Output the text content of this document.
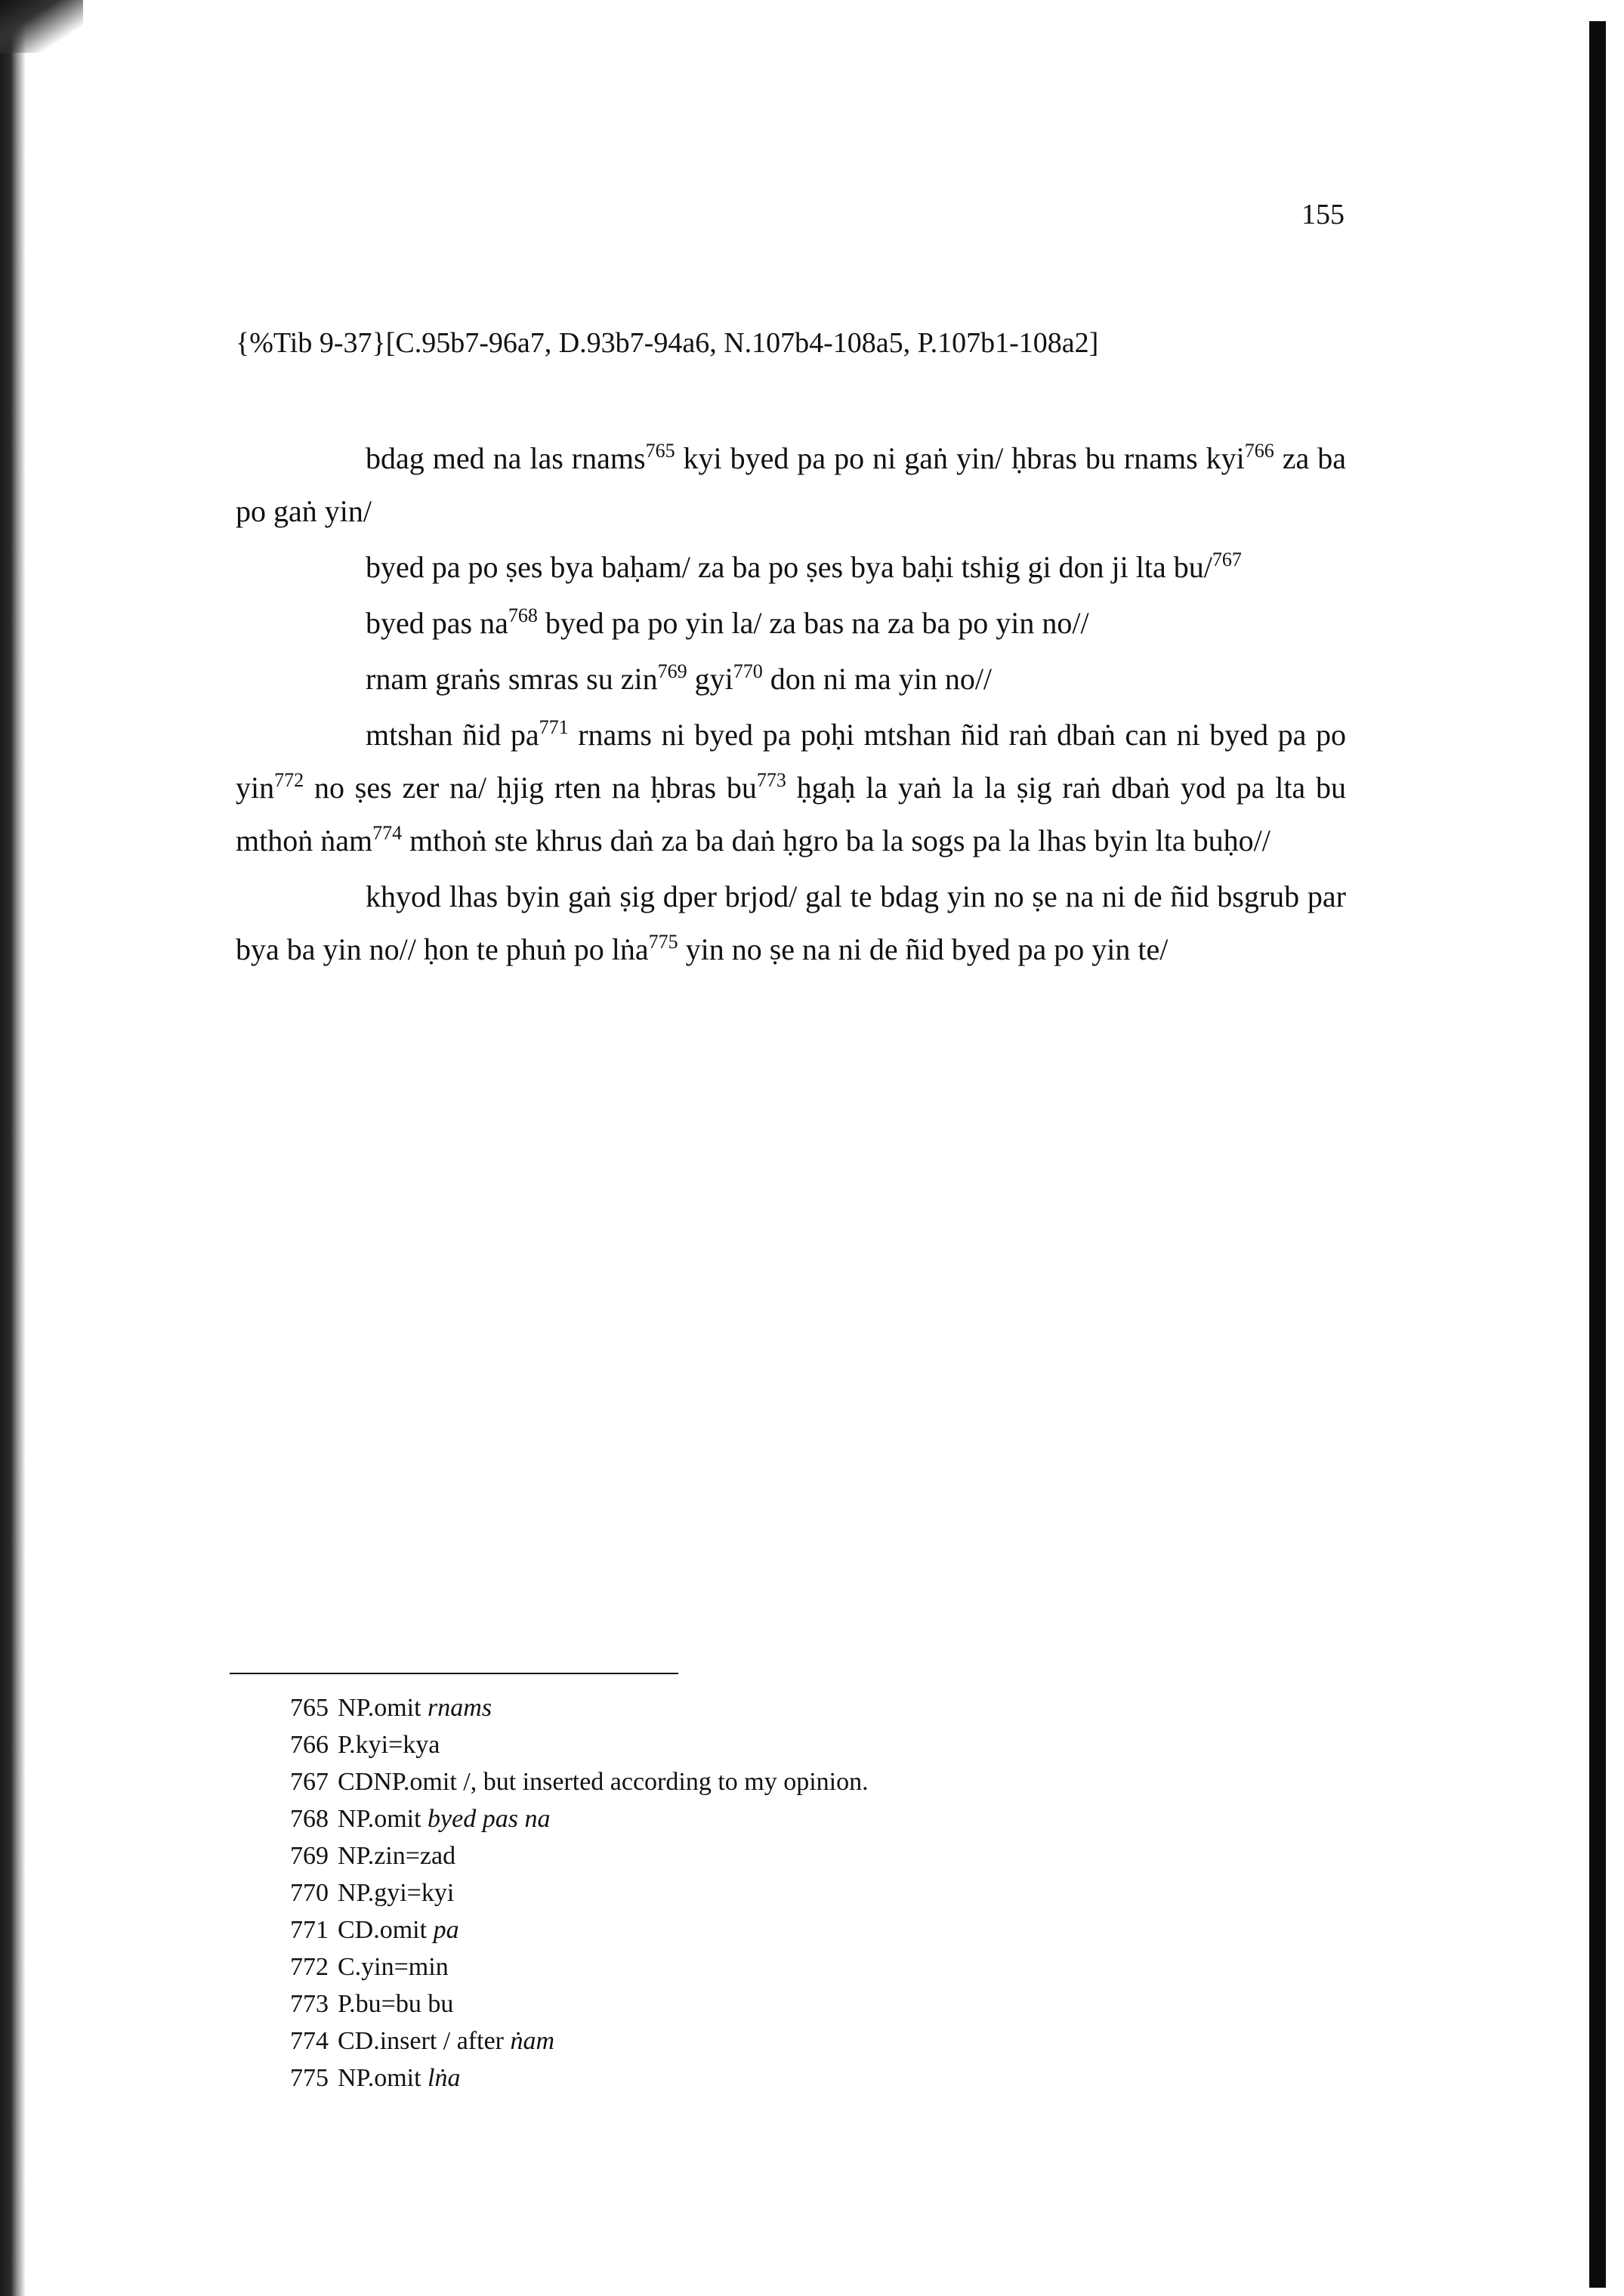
155
{%Tib 9-37}[C.95b7-96a7, D.93b7-94a6, N.107b4-108a5, P.107b1-108a2]

bdag med na las rnams$^{765}$ kyi byed pa po ni gaṅ yin/ ḥbras bu rnams kyi$^{766}$ za ba po gaṅ yin/

byed pa po ṣes bya baḥam/ za ba po ṣes bya baḥi tshig gi don ji lta bu/$^{767}$

byed pas $na^{768}$ byed pa po yin la/ za bas na za ba po yin no//

rnam graṅs smras su zin$^{769}$ gyi$^{770}$ don ni ma yin no//

mtshan ñid $pa^{771}$ rnams ni byed pa poḥi mtshan ñid raṅ dbaṅ can ni byed pa po yin$^{772}$ no ṣes zer na/ ḥjig rten na ḥbras $bu^{773}$ ḥgaḥ la yaṅ la la ṣig raṅ dbaṅ yod pa lta bu mthoṅ ṅam$^{774}$ mthoṅ ste khrus daṅ za ba daṅ ḥgro ba la sogs pa la lhas byin lta buḥo//

khyod lhas byin gaṅ ṣig dper brjod/ gal te bdag yin no ṣe na ni de ñid bsgrub par bya ba yin no// ḥon te phuṅ po lṅa$^{775}$ yin no ṣe na ni de ñid byed pa po yin te/

765 NP.omit rnams
766 P.kyi=kya
767 CDNP.omit /, but inserted according to my opinion.
768 NP.omit byed pas na
769 NP.zin=zad
770 NP.gyi=kyi
771 CD.omit pa
772 C.yin=min
773 P.bu=bu bu
774 CD.insert / after ṅam
775 NP.omit lṅa
